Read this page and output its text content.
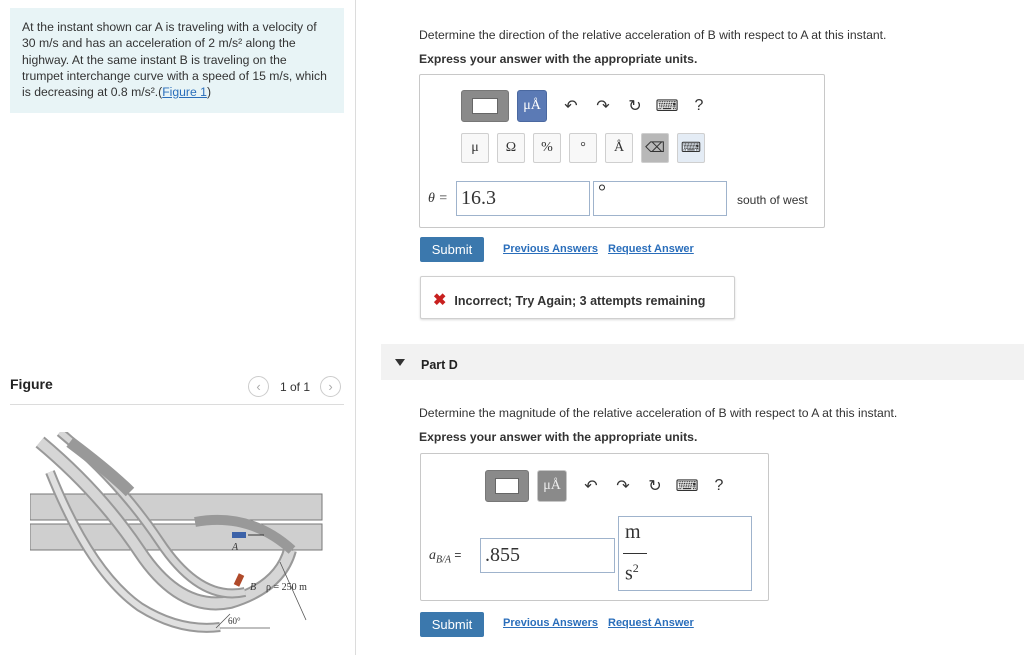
At the instant shown car A is traveling with a velocity of
30 m/s and has an acceleration of 2 m/s² along the
highway. At the same instant B is traveling on the
trumpet interchange curve with a speed of 15 m/s, which
is decreasing at 0.8 m/s².(Figure 1)
Figure	‹	1 of 1	›
A
B ρ = 250 m
60°
Determine the direction of the relative acceleration of B with respect to A at this instant.
Express your answer with the appropriate units.
μÅ ↶ ↷ ↻ ⌨ ?
μ	Ω	%	°	Å	⌫ ⌨
θ = 16.3	°	south of west
Submit	Previous Answers Request Answer
✖ Incorrect; Try Again; 3 attempts remaining
Part D
Determine the magnitude of the relative acceleration of B with respect to A at this instant.
Express your answer with the appropriate units.
μÅ ↶ ↷ ↻ ⌨ ?
$a_{B/A} = .855$
m
$s^2$
Submit	Previous Answers Request Answer
